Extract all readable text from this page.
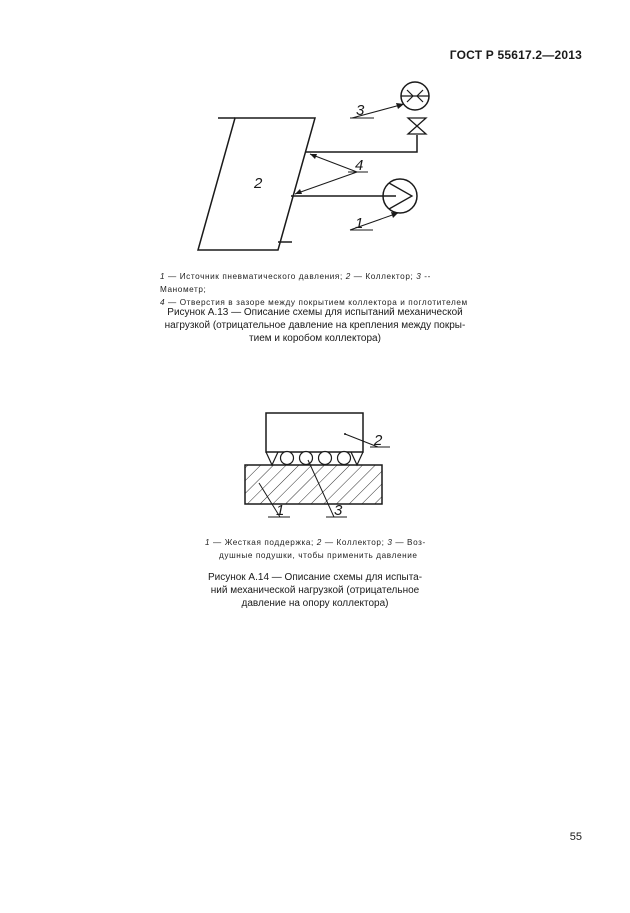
ГОСТ Р 55617.2—2013
2
3
4
1
1 — Источник пневматического давления; 2 — Коллектор; 3 -- Манометр;
4 — Отверстия в зазоре между покрытием коллектора и поглотителем
Рисунок А.13 — Описание схемы для испытаний механической
нагрузкой (отрицательное давление на крепления между покры-
тием и коробом коллектора)
2
1	3
1 — Жесткая поддержка; 2 — Коллектор; 3 — Воз-
душные подушки, чтобы применить давление
Рисунок А.14 — Описание схемы для испыта-
ний механической нагрузкой (отрицательное
давление на опору коллектора)
55
